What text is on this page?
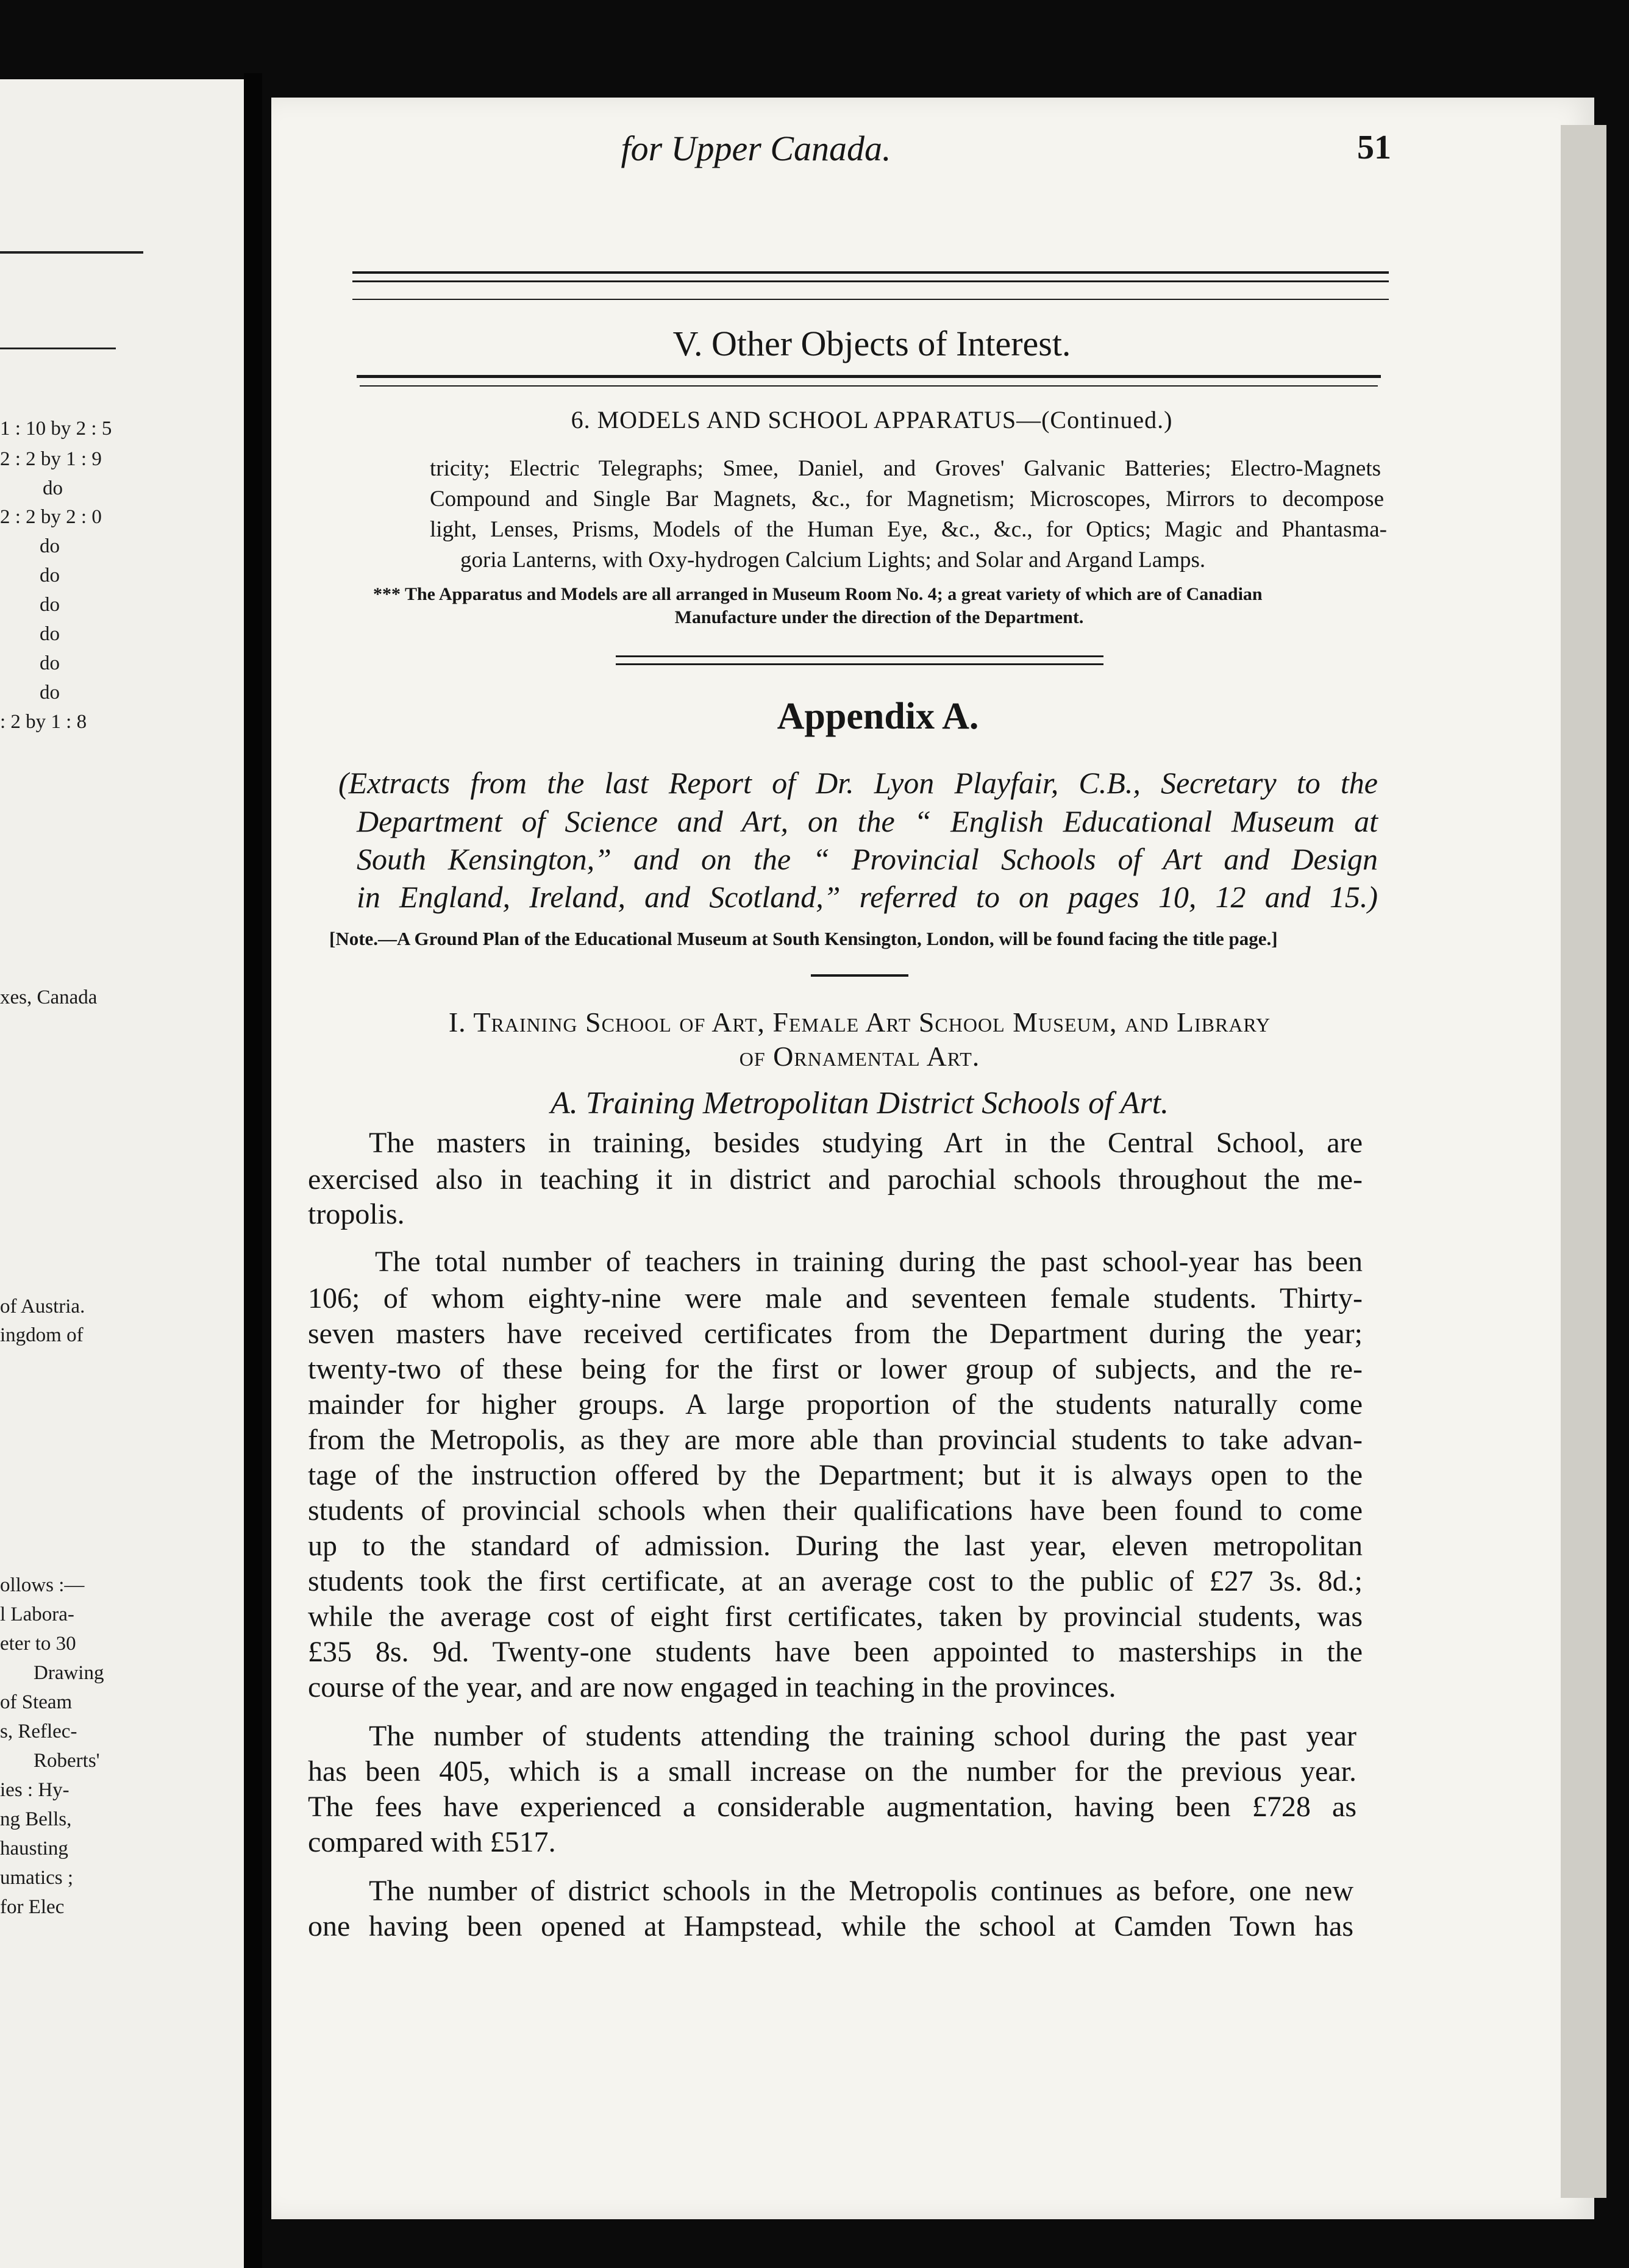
for Upper Canada.	51
V. Other Objects of Interest.
6. MODELS AND SCHOOL APPARATUS—(Continued.)
tricity; Electric Telegraphs; Smee, Daniel, and Groves' Galvanic Batteries; Electro-Magnets
Compound and Single Bar Magnets, &c., for Magnetism; Microscopes, Mirrors to decompose
light, Lenses, Prisms, Models of the Human Eye, &c., &c., for Optics; Magic and Phantasma-
goria Lanterns, with Oxy-hydrogen Calcium Lights; and Solar and Argand Lamps.
*** The Apparatus and Models are all arranged in Museum Room No. 4; a great variety of which are of Canadian
Manufacture under the direction of the Department.
Appendix A.
(Extracts from the last Report of Dr. Lyon Playfair, C.B., Secretary to the
Department of Science and Art, on the “ English Educational Museum at
South Kensington,” and on the “ Provincial Schools of Art and Design
in England, Ireland, and Scotland,” referred to on pages 10, 12 and 15.)
[Note.—A Ground Plan of the Educational Museum at South Kensington, London, will be found facing the title page.]
I. Training School of Art, Female Art School Museum, and Library
of Ornamental Art.
A. Training Metropolitan District Schools of Art.
The masters in training, besides studying Art in the Central School, are
exercised also in teaching it in district and parochial schools throughout the me-
tropolis.
The total number of teachers in training during the past school-year has been
106; of whom eighty-nine were male and seventeen female students. Thirty-
seven masters have received certificates from the Department during the year;
twenty-two of these being for the first or lower group of subjects, and the re-
mainder for higher groups. A large proportion of the students naturally come
from the Metropolis, as they are more able than provincial students to take advan-
tage of the instruction offered by the Department; but it is always open to the
students of provincial schools when their qualifications have been found to come
up to the standard of admission. During the last year, eleven metropolitan
students took the first certificate, at an average cost to the public of £27 3s. 8d.;
while the average cost of eight first certificates, taken by provincial students, was
£35 8s. 9d. Twenty-one students have been appointed to masterships in the
course of the year, and are now engaged in teaching in the provinces.
The number of students attending the training school during the past year
has been 405, which is a small increase on the number for the previous year.
The fees have experienced a considerable augmentation, having been £728 as
compared with £517.
The number of district schools in the Metropolis continues as before, one new
one having been opened at Hampstead, while the school at Camden Town has
1 : 10 by 2 : 5
2 : 2 by 1 : 9
do
2 : 2 by 2 : 0
do
do
do
do
do
do
: 2 by 1 : 8
xes, Canada
of Austria.
ingdom of
ollows :—
l Labora-
eter to 30
Drawing
of Steam
s, Reflec-
Roberts'
ies : Hy-
ng Bells,
hausting
umatics ;
for Elec
